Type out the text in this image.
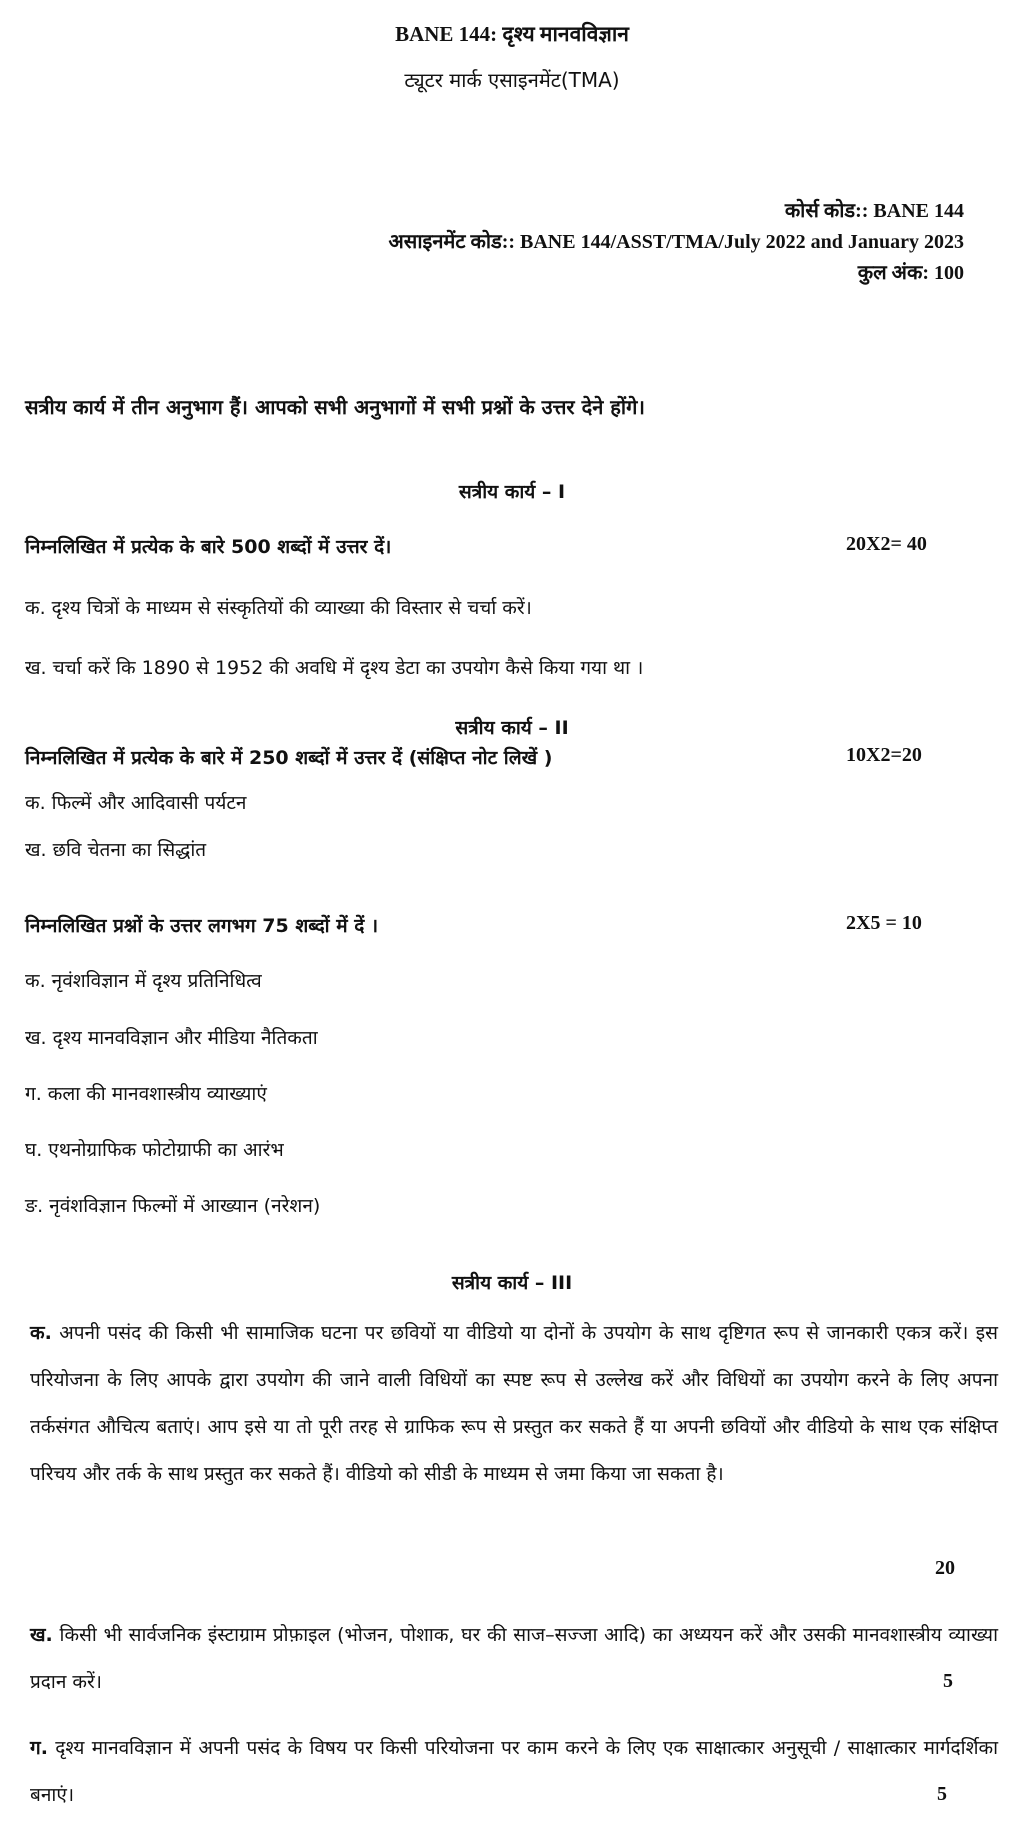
BANE 144: दृश्य मानवविज्ञान
ट्यूटर मार्क एसाइनमेंट(TMA)
कोर्स कोड:: BANE 144
असाइनमेंट कोड:: BANE 144/ASST/TMA/July 2022 and January 2023
कुल अंक: 100
सत्रीय कार्य में तीन अनुभाग हैं। आपको सभी अनुभागों में सभी प्रश्नों के उत्तर देने होंगे।
सत्रीय कार्य – I
निम्नलिखित में प्रत्येक के बारे 500 शब्दों में उत्तर दें।	20X2= 40
क. दृश्य चित्रों के माध्यम से संस्कृतियों की व्याख्या की विस्तार से चर्चा करें।
ख. चर्चा करें कि 1890 से 1952 की अवधि में दृश्य डेटा का उपयोग कैसे किया गया था ।
सत्रीय कार्य – II
निम्नलिखित में प्रत्येक के बारे में 250 शब्दों में उत्तर दें (संक्षिप्त नोट लिखें )	10X2=20
क. फिल्में और आदिवासी पर्यटन
ख. छवि चेतना का सिद्धांत
निम्नलिखित प्रश्नों के उत्तर लगभग 75 शब्दों में दें ।	2X5 = 10
क. नृवंशविज्ञान में दृश्य प्रतिनिधित्व
ख. दृश्य मानवविज्ञान और मीडिया नैतिकता
ग. कला की मानवशास्त्रीय व्याख्याएं
घ. एथनोग्राफिक फोटोग्राफी का आरंभ
ङ. नृवंशविज्ञान फिल्मों में आख्यान (नरेशन)
सत्रीय कार्य – III
क. अपनी पसंद की किसी भी सामाजिक घटना पर छवियों या वीडियो या दोनों के उपयोग के साथ दृष्टिगत रूप से जानकारी एकत्र करें। इस परियोजना के लिए आपके द्वारा उपयोग की जाने वाली विधियों का स्पष्ट रूप से उल्लेख करें और विधियों का उपयोग करने के लिए अपना तर्कसंगत औचित्य बताएं। आप इसे या तो पूरी तरह से ग्राफिक रूप से प्रस्तुत कर सकते हैं या अपनी छवियों और वीडियो के साथ एक संक्षिप्त परिचय और तर्क के साथ प्रस्तुत कर सकते हैं। वीडियो को सीडी के माध्यम से जमा किया जा सकता है।
20
ख. किसी भी सार्वजनिक इंस्टाग्राम प्रोफ़ाइल (भोजन, पोशाक, घर की साज–सज्जा आदि) का अध्ययन करें और उसकी मानवशास्त्रीय व्याख्या प्रदान करें।	5
ग. दृश्य मानवविज्ञान में अपनी पसंद के विषय पर किसी परियोजना पर काम करने के लिए एक साक्षात्कार अनुसूची / साक्षात्कार मार्गदर्शिका बनाएं।	5
